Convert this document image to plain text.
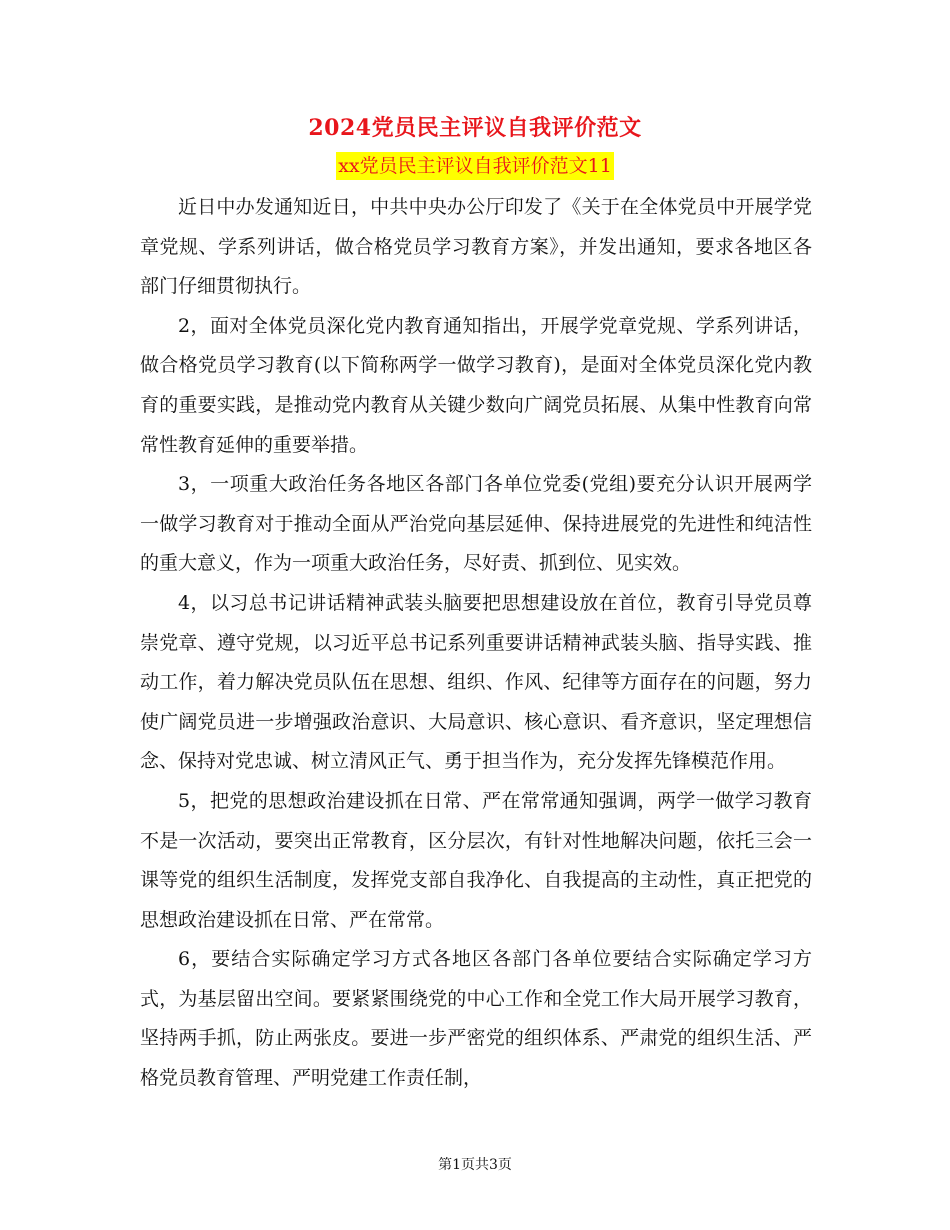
2024党员民主评议自我评价范文
xx党员民主评议自我评价范文11

近日中办发通知近日，中共中央办公厅印发了《关于在全体党员中开展学党章党规、学系列讲话，做合格党员学习教育方案》，并发出通知，要求各地区各部门仔细贯彻执行。

2，面对全体党员深化党内教育通知指出，开展学党章党规、学系列讲话，做合格党员学习教育(以下简称两学一做学习教育)，是面对全体党员深化党内教育的重要实践，是推动党内教育从关键少数向广阔党员拓展、从集中性教育向常常性教育延伸的重要举措。

3，一项重大政治任务各地区各部门各单位党委(党组)要充分认识开展两学一做学习教育对于推动全面从严治党向基层延伸、保持进展党的先进性和纯洁性的重大意义，作为一项重大政治任务，尽好责、抓到位、见实效。

4，以习总书记讲话精神武装头脑要把思想建设放在首位，教育引导党员尊崇党章、遵守党规，以习近平总书记系列重要讲话精神武装头脑、指导实践、推动工作，着力解决党员队伍在思想、组织、作风、纪律等方面存在的问题，努力使广阔党员进一步增强政治意识、大局意识、核心意识、看齐意识，坚定理想信念、保持对党忠诚、树立清风正气、勇于担当作为，充分发挥先锋模范作用。

5，把党的思想政治建设抓在日常、严在常常通知强调，两学一做学习教育不是一次活动，要突出正常教育，区分层次，有针对性地解决问题，依托三会一课等党的组织生活制度，发挥党支部自我净化、自我提高的主动性，真正把党的思想政治建设抓在日常、严在常常。

6，要结合实际确定学习方式各地区各部门各单位要结合实际确定学习方式，为基层留出空间。要紧紧围绕党的中心工作和全党工作大局开展学习教育，坚持两手抓，防止两张皮。要进一步严密党的组织体系、严肃党的组织生活、严格党员教育管理、严明党建工作责任制，

第1页共3页
